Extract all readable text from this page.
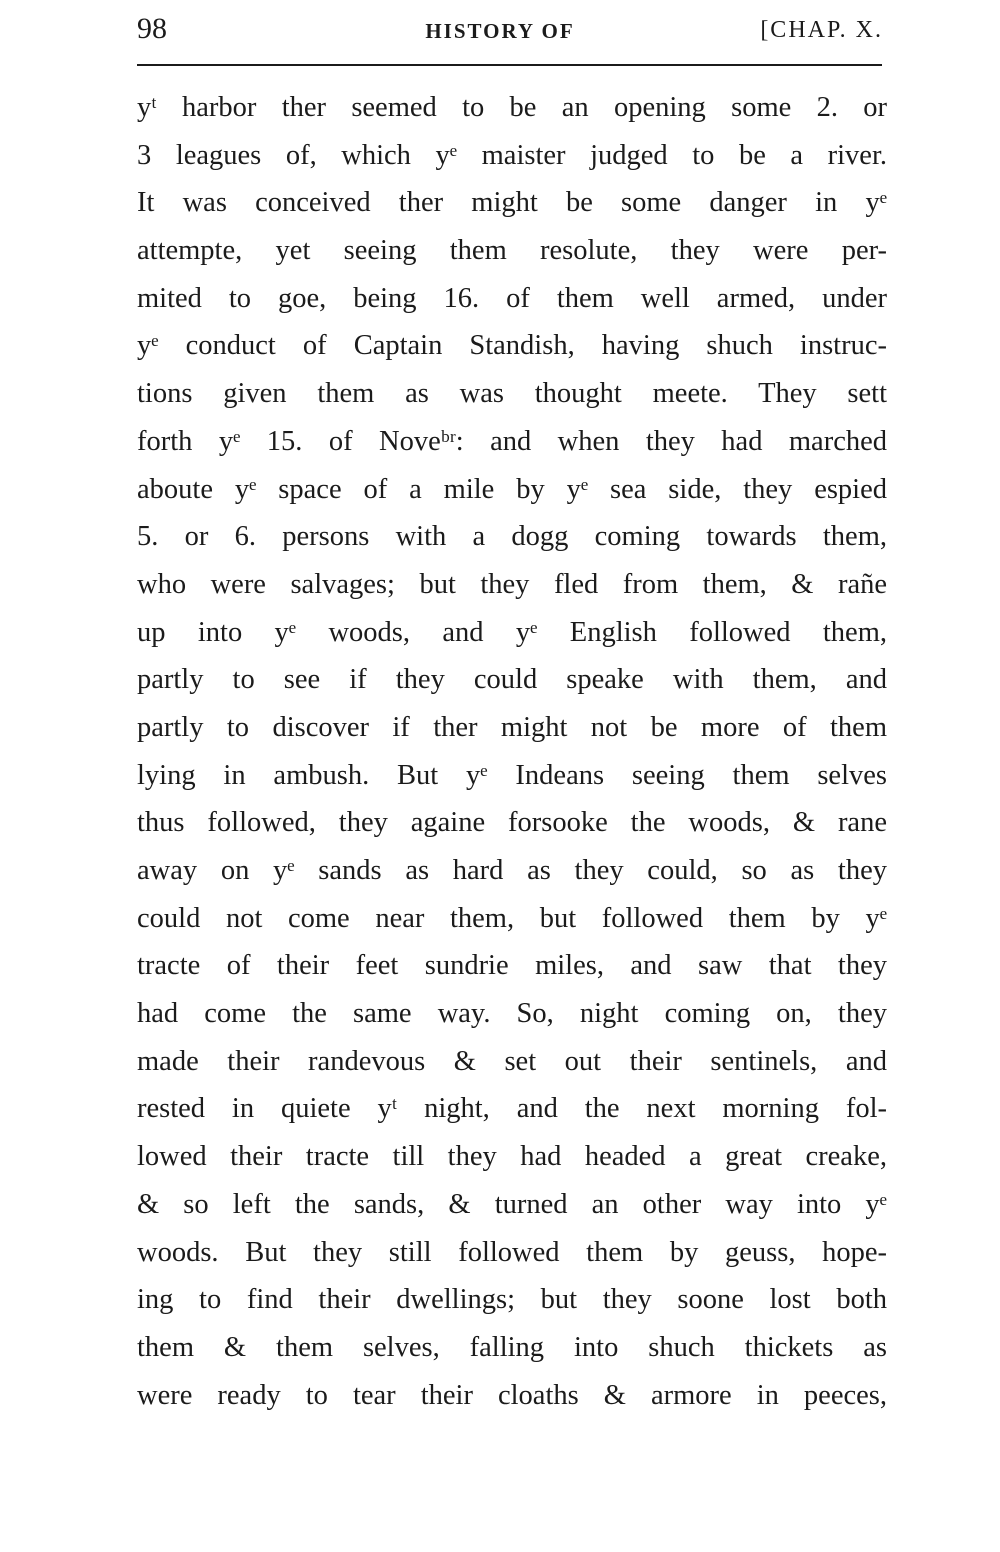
98	HISTORY OF	[CHAP. X.
yᵗ harbor ther seemed to be an opening some 2. or
3 leagues of, which yᵉ maister judged to be a river.
It was conceived ther might be some danger in yᵉ
attempte, yet seeing them resolute, they were per-
mited to goe, being 16. of them well armed, under
yᵉ conduct of Captain Standish, having shuch instruc-
tions given them as was thought meete. They sett
forth yᵉ 15. of Noveᵇʳ: and when they had marched
aboute yᵉ space of a mile by yᵉ sea side, they espied
5. or 6. persons with a dogg coming towards them,
who were salvages; but they fled from them, & rañe
up into yᵉ woods, and yᵉ English followed them,
partly to see if they could speake with them, and
partly to discover if ther might not be more of them
lying in ambush. But yᵉ Indeans seeing them selves
thus followed, they againe forsooke the woods, & rane
away on yᵉ sands as hard as they could, so as they
could not come near them, but followed them by yᵉ
tracte of their feet sundrie miles, and saw that they
had come the same way. So, night coming on, they
made their randevous & set out their sentinels, and
rested in quiete yᵗ night, and the next morning fol-
lowed their tracte till they had headed a great creake,
& so left the sands, & turned an other way into yᵉ
woods. But they still followed them by geuss, hope-
ing to find their dwellings; but they soone lost both
them & them selves, falling into shuch thickets as
were ready to tear their cloaths & armore in peeces,
